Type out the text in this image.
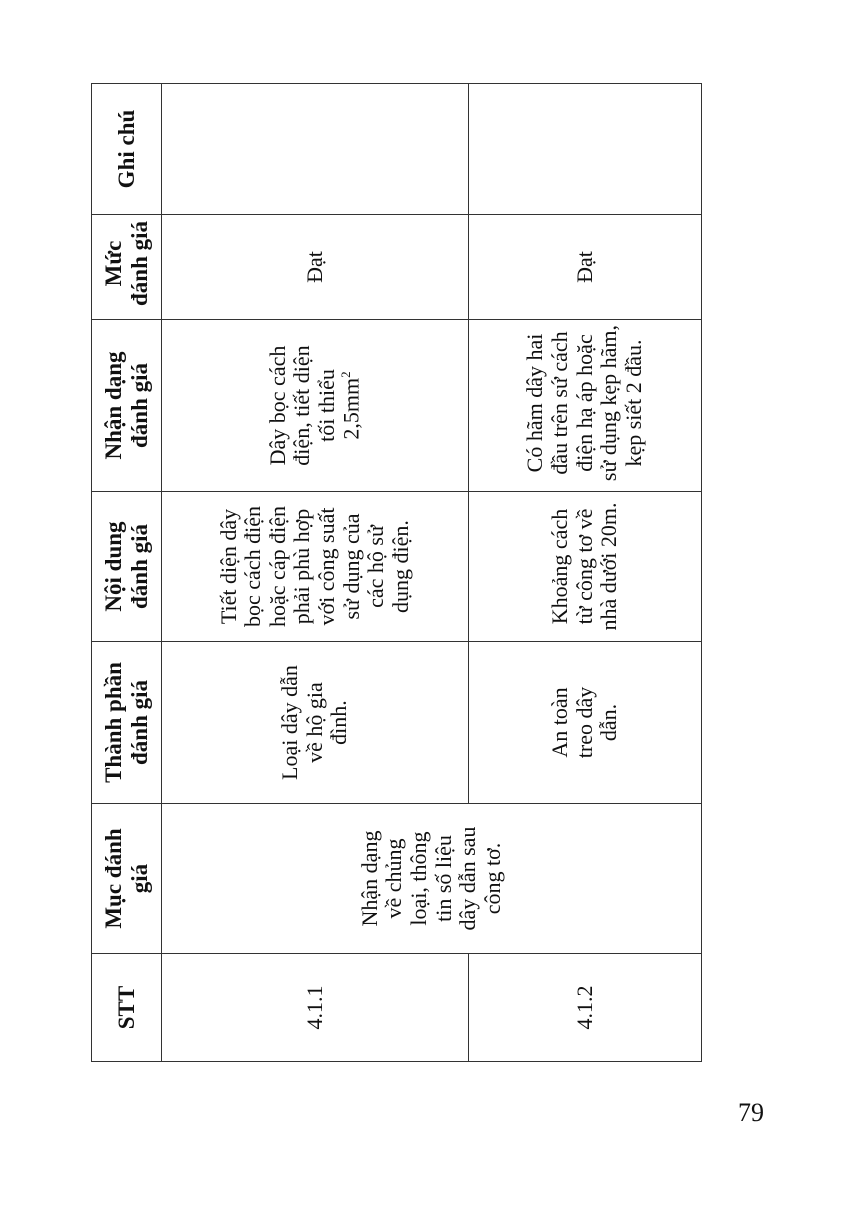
STT	Mục đánh giá	Thành phần đánh giá	Nội dung đánh giá	Nhận dạng đánh giá	Mức đánh giá	Ghi chú
4.1.1	Nhận dạng về chủng loại, thông tin số liệu dây dẫn sau công tơ.	Loại dây dẫn về hộ gia đình.	Tiết diện dây bọc cách điện hoặc cáp điện phải phù hợp với công suất sử dụng của các hộ sử dụng điện.	Dây bọc cách điện, tiết diện tối thiểu $2,5mm^2$	Đạt	
4.1.2		An toàn treo dây dẫn.	Khoảng cách từ công tơ về nhà dưới 20m.	Có hãm dây hai đầu trên sứ cách điện hạ áp hoặc sử dụng kẹp hãm, kẹp siết 2 đầu.	Đạt	
79
